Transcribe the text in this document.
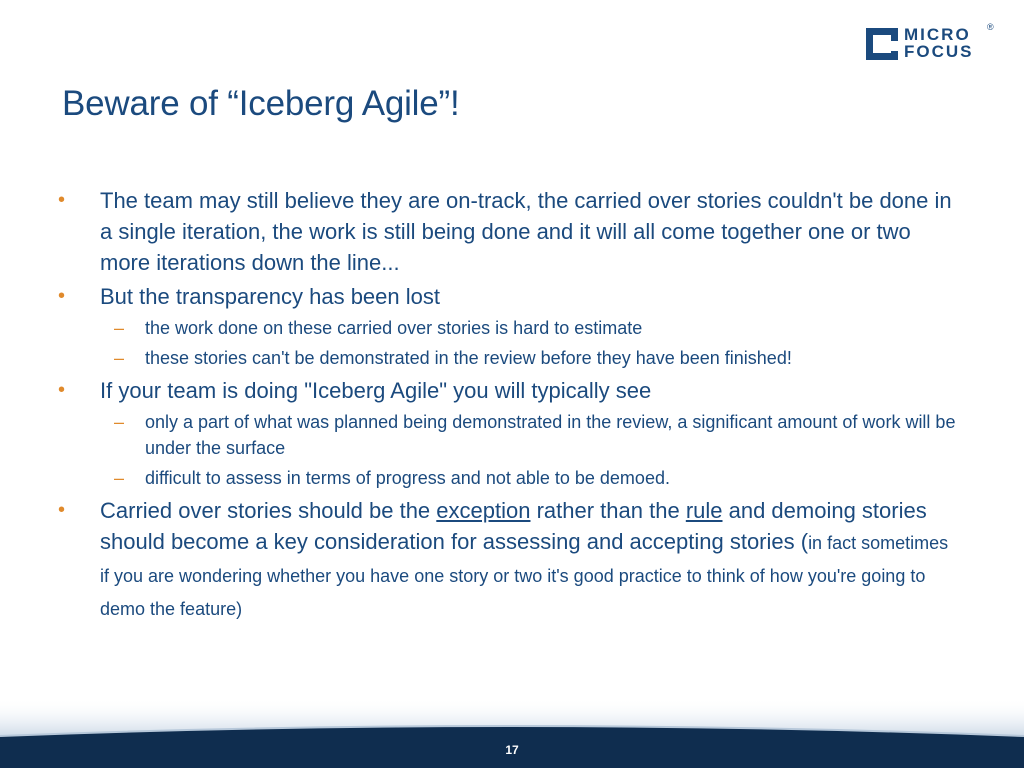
MICRO
FOCUS
®
Beware of “Iceberg Agile”!
• The team may still believe they are on-track, the carried over stories couldn't be done in a single iteration, the work is still being done and it will all come together one or two more iterations down the line...
• But the transparency has been lost
– the work done on these carried over stories is hard to estimate
– these stories can't be demonstrated in the review before they have been finished!
• If your team is doing "Iceberg Agile" you will typically see
– only a part of what was planned being demonstrated in the review, a significant amount of work will be under the surface
– difficult to assess in terms of progress and not able to be demoed.
• Carried over stories should be the exception rather than the rule and demoing stories should become a key consideration for assessing and accepting stories (in fact sometimes if you are wondering whether you have one story or two it's good practice to think of how you're going to demo the feature)
17
